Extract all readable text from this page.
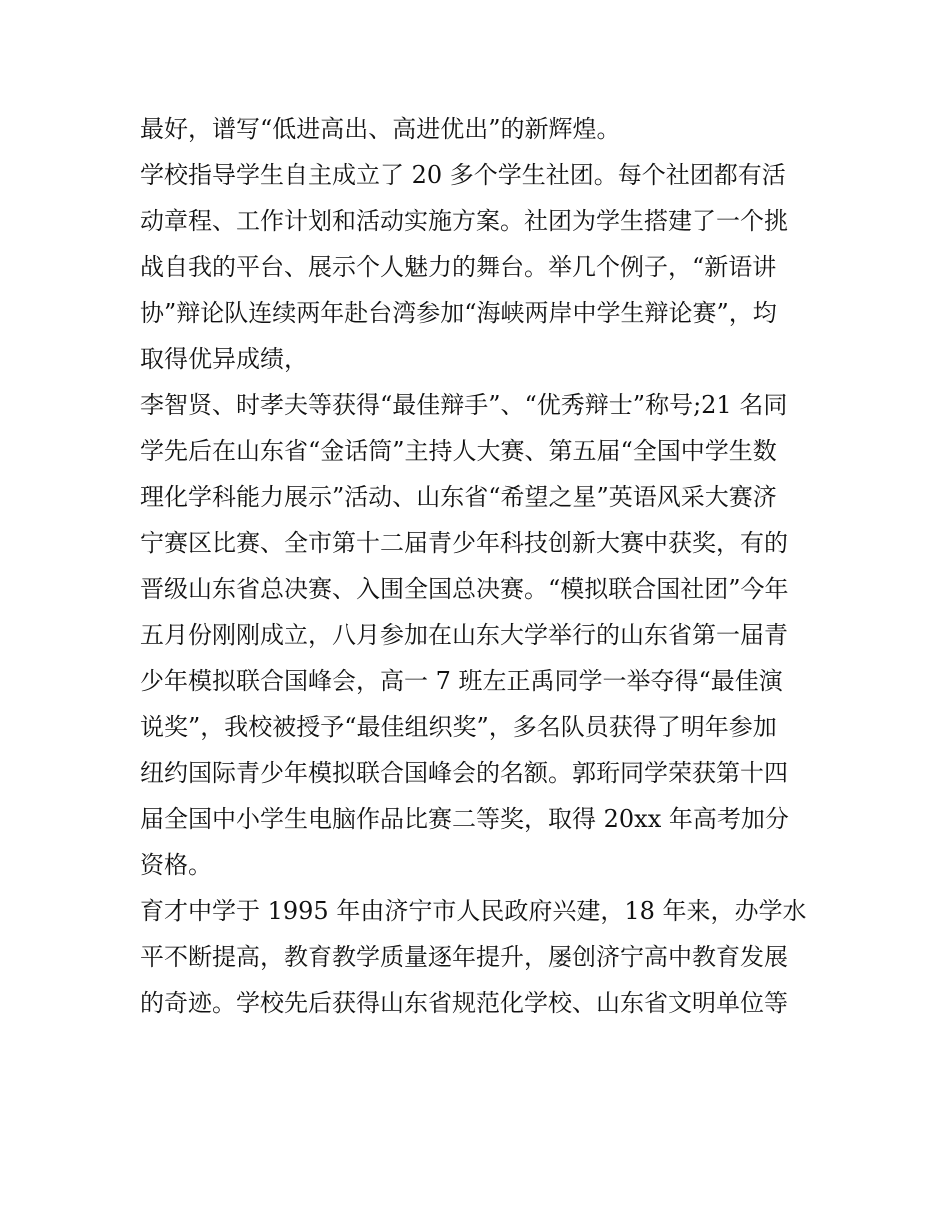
最好，谱写“低进高出、高进优出”的新辉煌。
学校指导学生自主成立了 20 多个学生社团。每个社团都有活
动章程、工作计划和活动实施方案。社团为学生搭建了一个挑
战自我的平台、展示个人魅力的舞台。举几个例子，“新语讲
协”辩论队连续两年赴台湾参加“海峡两岸中学生辩论赛”，均
取得优异成绩，
李智贤、时孝夫等获得“最佳辩手”、“优秀辩士”称号;21 名同
学先后在山东省“金话筒”主持人大赛、第五届“全国中学生数
理化学科能力展示”活动、山东省“希望之星”英语风采大赛济
宁赛区比赛、全市第十二届青少年科技创新大赛中获奖，有的
晋级山东省总决赛、入围全国总决赛。“模拟联合国社团”今年
五月份刚刚成立，八月参加在山东大学举行的山东省第一届青
少年模拟联合国峰会，高一 7 班左正禹同学一举夺得“最佳演
说奖”，我校被授予“最佳组织奖”，多名队员获得了明年参加
纽约国际青少年模拟联合国峰会的名额。郭珩同学荣获第十四
届全国中小学生电脑作品比赛二等奖，取得 20xx 年高考加分
资格。
育才中学于 1995 年由济宁市人民政府兴建，18 年来，办学水
平不断提高，教育教学质量逐年提升，屡创济宁高中教育发展
的奇迹。学校先后获得山东省规范化学校、山东省文明单位等
